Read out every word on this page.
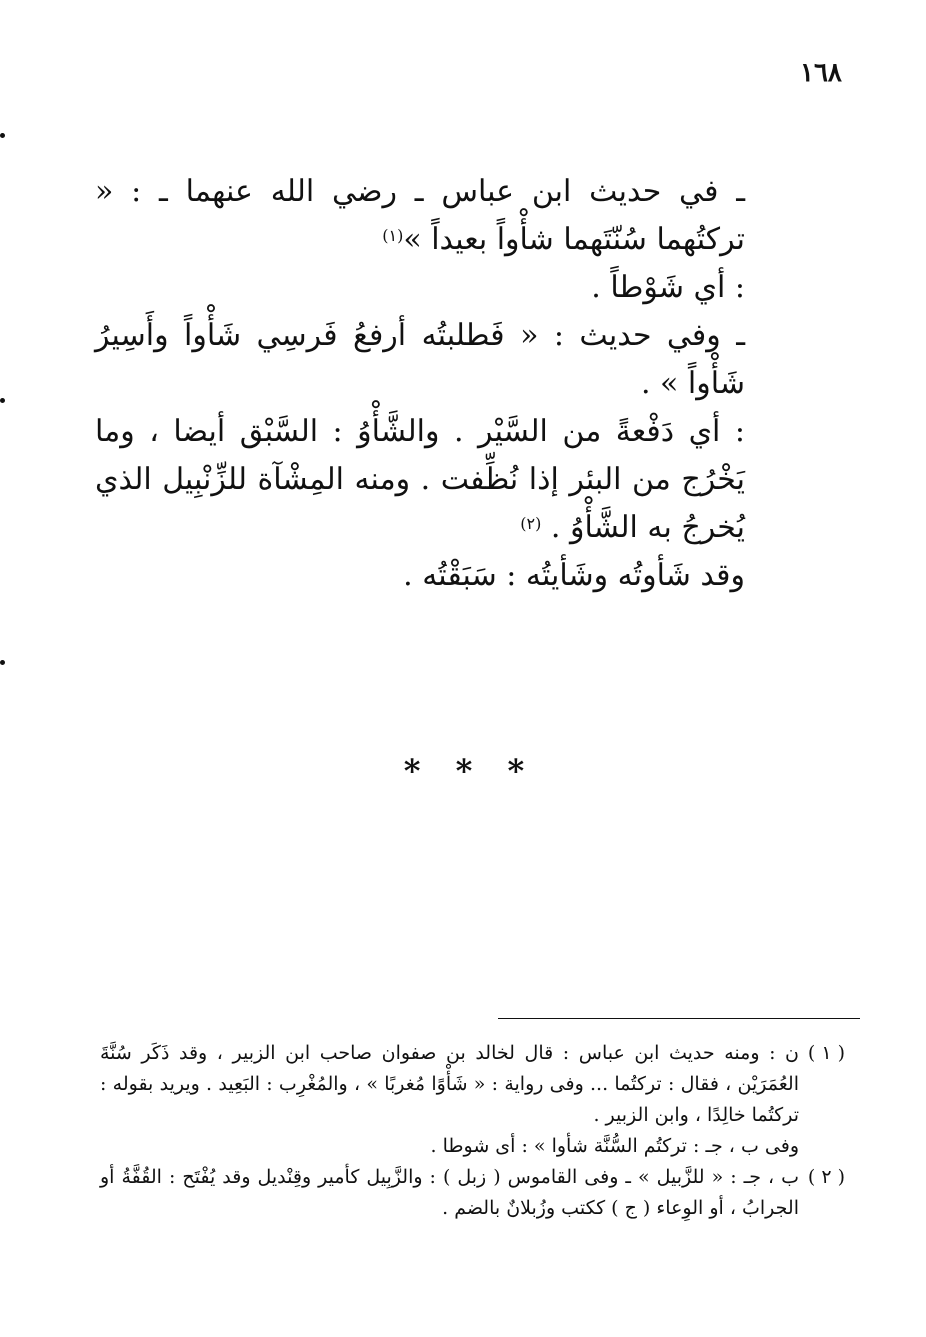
١٦٨

ـ في حديث ابن عباس ـ رضي الله عنهما ـ : « تركتُهما سُنّتَهما شأْواً بعيداً »$^{(١)}$

: أي شَوْطاً .

ـ وفي حديث : « فَطلبتُه أرفعُ فَرسِي شَأْواً وأَسِيرُ شَأْواً » .

: أي دَفْعةً من السَّيْر . والشَّأْوُ : السَّبْق أيضا ، وما يَخْرُج من البئر إذا نُظِّفت . ومنه المِشْآة للزِّنْبِيل الذي يُخرجُ به الشَّأْوُ . $^{(٢)}$

وقد شَأوتُه وشَأيتُه : سَبَقْتُه .

* * *
( ١ )

ن : ومنه حديث ابن عباس : قال لخالد بن صفوان صاحب ابن الزبير ، وقد ذَكَر سُنَّةَ العُمَرَيْن ، فقال : تركتُما ... وفى رواية : « شَأْوًا مُغربًا » ، والمُغْرِب : البَعِيد . ويريد بقوله : تركتُما خالِدًا ، وابن الزبير .

وفى ب ، جـ : تركتُم السُّنَّة شأوا » : أى شوطا .

( ٢ )

ب ، جـ : « للزَّبيل » ـ وفى القاموس ( زبل ) : والزَّبِيل كأمير وقِنْديل وقد يُفْتَح : القُفَّةُ أو الجرابُ ، أو الوِعاء ( ج ) ككتب وزُبلانٌ بالضم .
